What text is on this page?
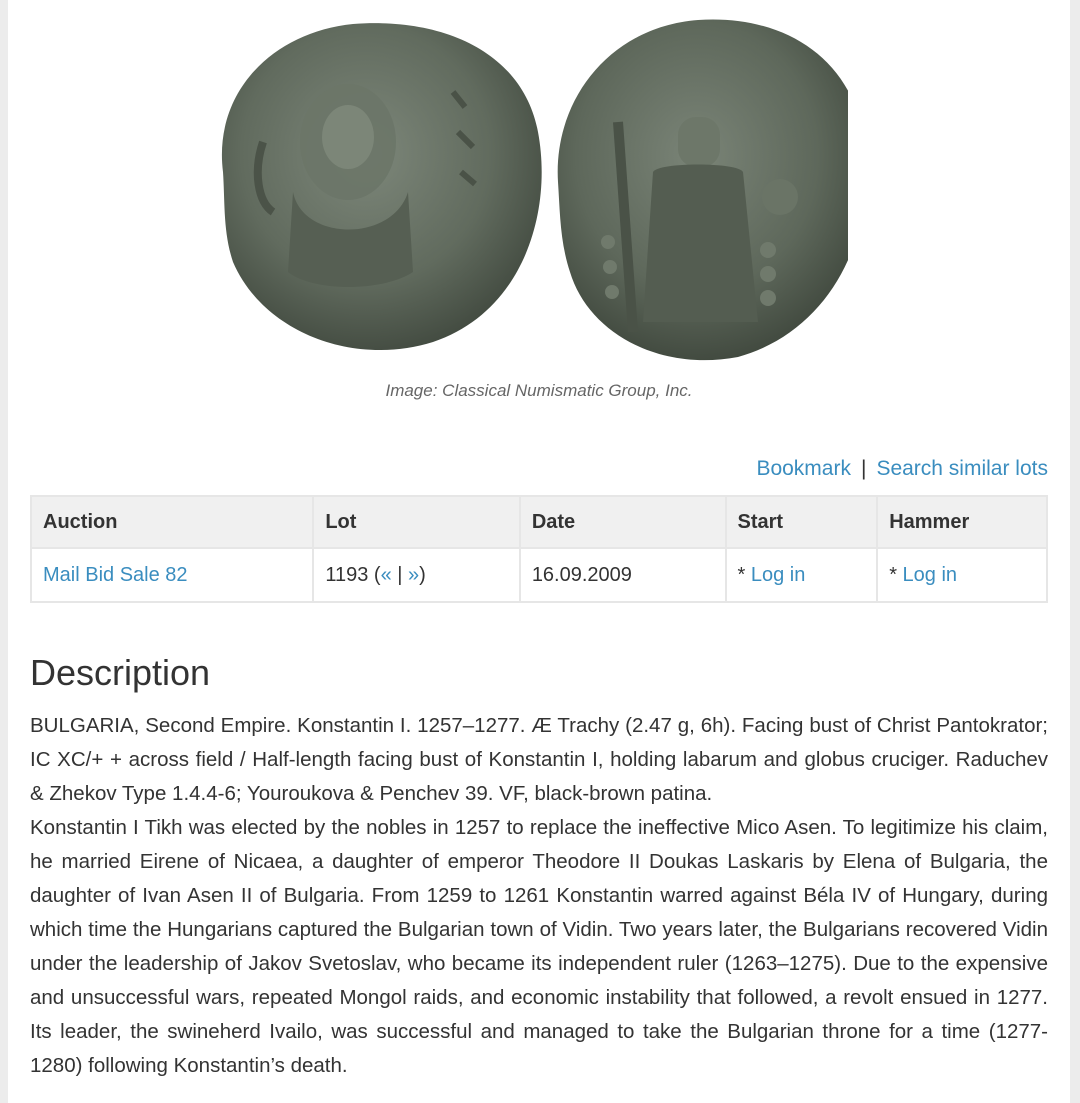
Image: Classical Numismatic Group, Inc.
Bookmark | Search similar lots
Auction	Lot	Date	Start	Hammer
Mail Bid Sale 82	1193 (« | »)	16.09.2009	* Log in	* Log in
Description

BULGARIA, Second Empire. Konstantin I. 1257–1277. Æ Trachy (2.47 g, 6h). Facing bust of Christ Pantokrator; IC XC/+ + across field / Half-length facing bust of Konstantin I, holding labarum and globus cruciger. Raduchev & Zhekov Type 1.4.4-6; Youroukova & Penchev 39. VF, black-brown patina.

Konstantin I Tikh was elected by the nobles in 1257 to replace the ineffective Mico Asen. To legitimize his claim, he married Eirene of Nicaea, a daughter of emperor Theodore II Doukas Laskaris by Elena of Bulgaria, the daughter of Ivan Asen II of Bulgaria. From 1259 to 1261 Konstantin warred against Béla IV of Hungary, during which time the Hungarians captured the Bulgarian town of Vidin. Two years later, the Bulgarians recovered Vidin under the leadership of Jakov Svetoslav, who became its independent ruler (1263–1275). Due to the expensive and unsuccessful wars, repeated Mongol raids, and economic instability that followed, a revolt ensued in 1277. Its leader, the swineherd Ivailo, was successful and managed to take the Bulgarian throne for a time (1277-1280) following Konstantin’s death.
